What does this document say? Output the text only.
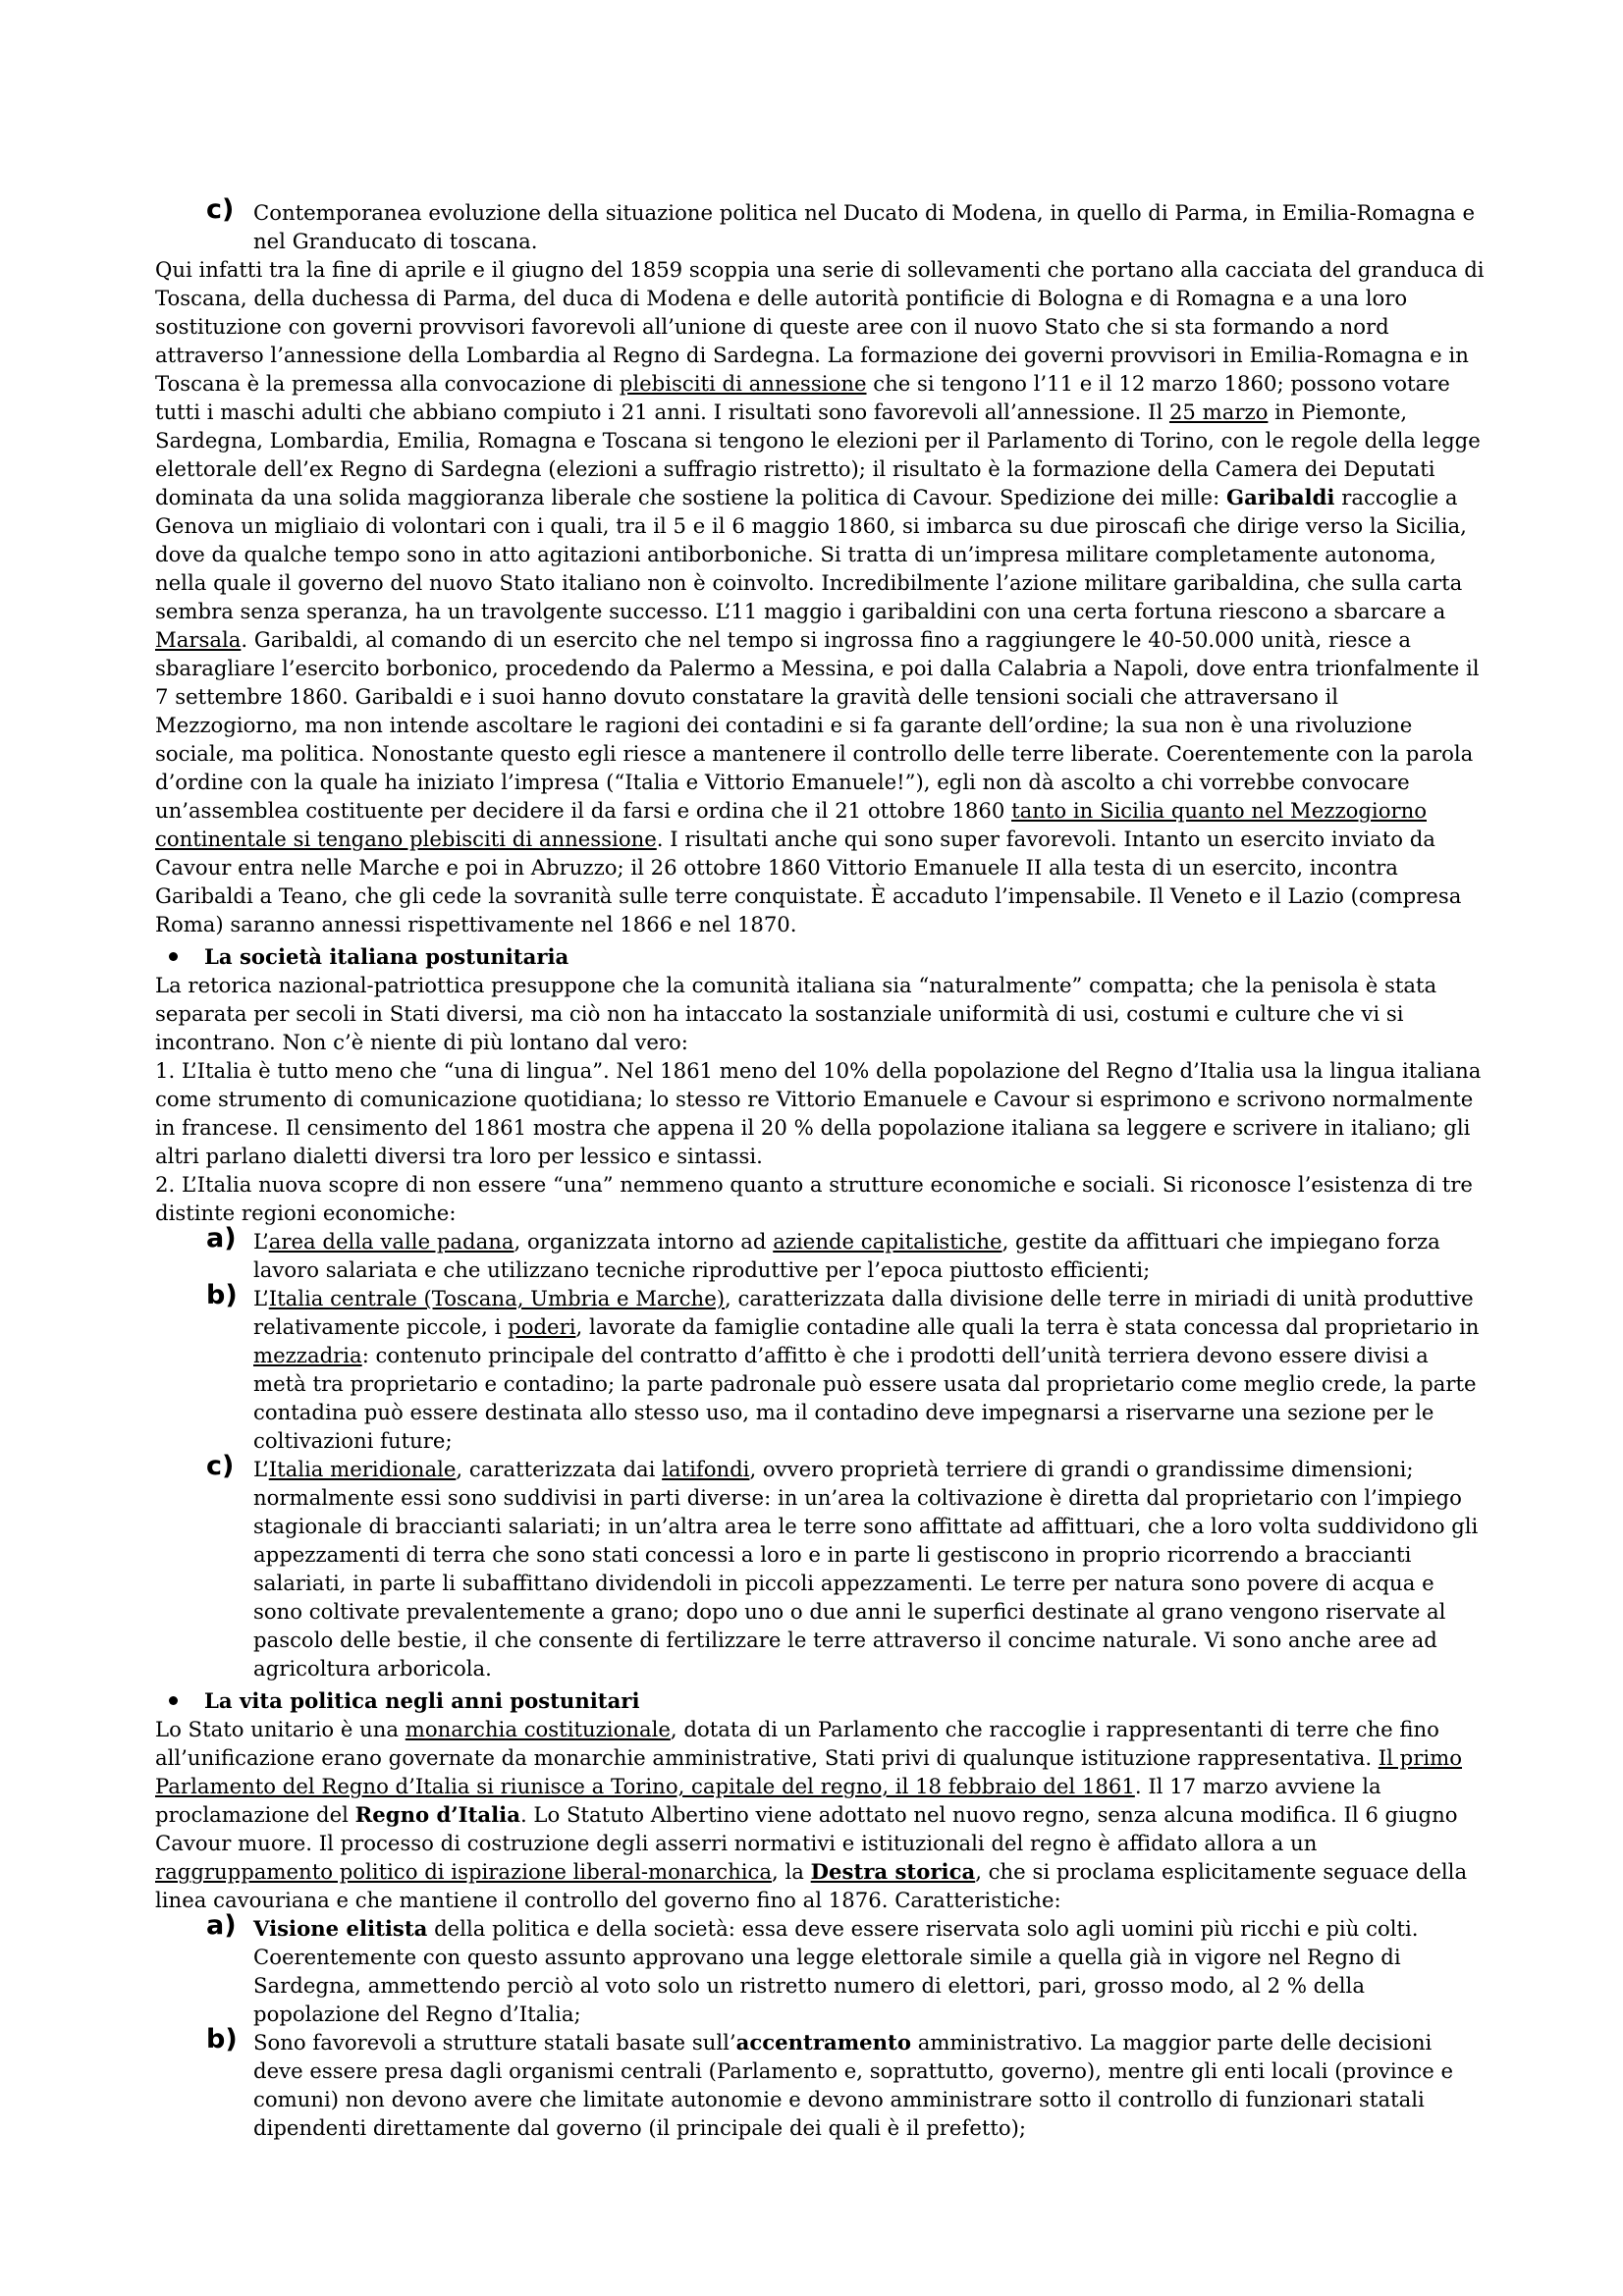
c) Contemporanea evoluzione della situazione politica nel Ducato di Modena, in quello di Parma, in Emilia-Romagna e nel Granducato di toscana.

Qui infatti tra la fine di aprile e il giugno del 1859 scoppia una serie di sollevamenti che portano alla cacciata del granduca di Toscana, della duchessa di Parma, del duca di Modena e delle autorità pontificie di Bologna e di Romagna e a una loro sostituzione con governi provvisori favorevoli all’unione di queste aree con il nuovo Stato che si sta formando a nord attraverso l’annessione della Lombardia al Regno di Sardegna. La formazione dei governi provvisori in Emilia-Romagna e in Toscana è la premessa alla convocazione di plebisciti di annessione che si tengono l’11 e il 12 marzo 1860; possono votare tutti i maschi adulti che abbiano compiuto i 21 anni. I risultati sono favorevoli all’annessione. Il 25 marzo in Piemonte, Sardegna, Lombardia, Emilia, Romagna e Toscana si tengono le elezioni per il Parlamento di Torino, con le regole della legge elettorale dell’ex Regno di Sardegna (elezioni a suffragio ristretto); il risultato è la formazione della Camera dei Deputati dominata da una solida maggioranza liberale che sostiene la politica di Cavour. Spedizione dei mille: Garibaldi raccoglie a Genova un migliaio di volontari con i quali, tra il 5 e il 6 maggio 1860, si imbarca su due piroscafi che dirige verso la Sicilia, dove da qualche tempo sono in atto agitazioni antiborboniche. Si tratta di un’impresa militare completamente autonoma, nella quale il governo del nuovo Stato italiano non è coinvolto. Incredibilmente l’azione militare garibaldina, che sulla carta sembra senza speranza, ha un travolgente successo. L’11 maggio i garibaldini con una certa fortuna riescono a sbarcare a Marsala. Garibaldi, al comando di un esercito che nel tempo si ingrossa fino a raggiungere le 40-50.000 unità, riesce a sbaragliare l’esercito borbonico, procedendo da Palermo a Messina, e poi dalla Calabria a Napoli, dove entra trionfalmente il 7 settembre 1860. Garibaldi e i suoi hanno dovuto constatare la gravità delle tensioni sociali che attraversano il Mezzogiorno, ma non intende ascoltare le ragioni dei contadini e si fa garante dell’ordine; la sua non è una rivoluzione sociale, ma politica. Nonostante questo egli riesce a mantenere il controllo delle terre liberate. Coerentemente con la parola d’ordine con la quale ha iniziato l’impresa (“Italia e Vittorio Emanuele!”), egli non dà ascolto a chi vorrebbe convocare un’assemblea costituente per decidere il da farsi e ordina che il 21 ottobre 1860 tanto in Sicilia quanto nel Mezzogiorno continentale si tengano plebisciti di annessione. I risultati anche qui sono super favorevoli. Intanto un esercito inviato da Cavour entra nelle Marche e poi in Abruzzo; il 26 ottobre 1860 Vittorio Emanuele II alla testa di un esercito, incontra Garibaldi a Teano, che gli cede la sovranità sulle terre conquistate. È accaduto l’impensabile. Il Veneto e il Lazio (compresa Roma) saranno annessi rispettivamente nel 1866 e nel 1870.

La società italiana postunitaria

La retorica nazional-patriottica presuppone che la comunità italiana sia “naturalmente” compatta; che la penisola è stata separata per secoli in Stati diversi, ma ciò non ha intaccato la sostanziale uniformità di usi, costumi e culture che vi si incontrano. Non c’è niente di più lontano dal vero:

1. L’Italia è tutto meno che “una di lingua”. Nel 1861 meno del 10% della popolazione del Regno d’Italia usa la lingua italiana come strumento di comunicazione quotidiana; lo stesso re Vittorio Emanuele e Cavour si esprimono e scrivono normalmente in francese. Il censimento del 1861 mostra che appena il 20 % della popolazione italiana sa leggere e scrivere in italiano; gli altri parlano dialetti diversi tra loro per lessico e sintassi.

2. L’Italia nuova scopre di non essere “una” nemmeno quanto a strutture economiche e sociali. Si riconosce l’esistenza di tre distinte regioni economiche:

a) L’area della valle padana, organizzata intorno ad aziende capitalistiche, gestite da affittuari che impiegano forza lavoro salariata e che utilizzano tecniche riproduttive per l’epoca piuttosto efficienti;

b) L’Italia centrale (Toscana, Umbria e Marche), caratterizzata dalla divisione delle terre in miriadi di unità produttive relativamente piccole, i poderi, lavorate da famiglie contadine alle quali la terra è stata concessa dal proprietario in mezzadria: contenuto principale del contratto d’affitto è che i prodotti dell’unità terriera devono essere divisi a metà tra proprietario e contadino; la parte padronale può essere usata dal proprietario come meglio crede, la parte contadina può essere destinata allo stesso uso, ma il contadino deve impegnarsi a riservarne una sezione per le coltivazioni future;

c) L’Italia meridionale, caratterizzata dai latifondi, ovvero proprietà terriere di grandi o grandissime dimensioni; normalmente essi sono suddivisi in parti diverse: in un’area la coltivazione è diretta dal proprietario con l’impiego stagionale di braccianti salariati; in un’altra area le terre sono affittate ad affittuari, che a loro volta suddividono gli appezzamenti di terra che sono stati concessi a loro e in parte li gestiscono in proprio ricorrendo a braccianti salariati, in parte li subaffittano dividendoli in piccoli appezzamenti. Le terre per natura sono povere di acqua e sono coltivate prevalentemente a grano; dopo uno o due anni le superfici destinate al grano vengono riservate al pascolo delle bestie, il che consente di fertilizzare le terre attraverso il concime naturale. Vi sono anche aree ad agricoltura arboricola.

La vita politica negli anni postunitari

Lo Stato unitario è una monarchia costituzionale, dotata di un Parlamento che raccoglie i rappresentanti di terre che fino all’unificazione erano governate da monarchie amministrative, Stati privi di qualunque istituzione rappresentativa. Il primo Parlamento del Regno d’Italia si riunisce a Torino, capitale del regno, il 18 febbraio del 1861. Il 17 marzo avviene la proclamazione del Regno d’Italia. Lo Statuto Albertino viene adottato nel nuovo regno, senza alcuna modifica. Il 6 giugno Cavour muore. Il processo di costruzione degli asserri normativi e istituzionali del regno è affidato allora a un raggruppamento politico di ispirazione liberal-monarchica, la Destra storica, che si proclama esplicitamente seguace della linea cavouriana e che mantiene il controllo del governo fino al 1876. Caratteristiche:

a) Visione elitista della politica e della società: essa deve essere riservata solo agli uomini più ricchi e più colti. Coerentemente con questo assunto approvano una legge elettorale simile a quella già in vigore nel Regno di Sardegna, ammettendo perciò al voto solo un ristretto numero di elettori, pari, grosso modo, al 2 % della popolazione del Regno d’Italia;

b) Sono favorevoli a strutture statali basate sull’accentramento amministrativo. La maggior parte delle decisioni deve essere presa dagli organismi centrali (Parlamento e, soprattutto, governo), mentre gli enti locali (province e comuni) non devono avere che limitate autonomie e devono amministrare sotto il controllo di funzionari statali dipendenti direttamente dal governo (il principale dei quali è il prefetto);
